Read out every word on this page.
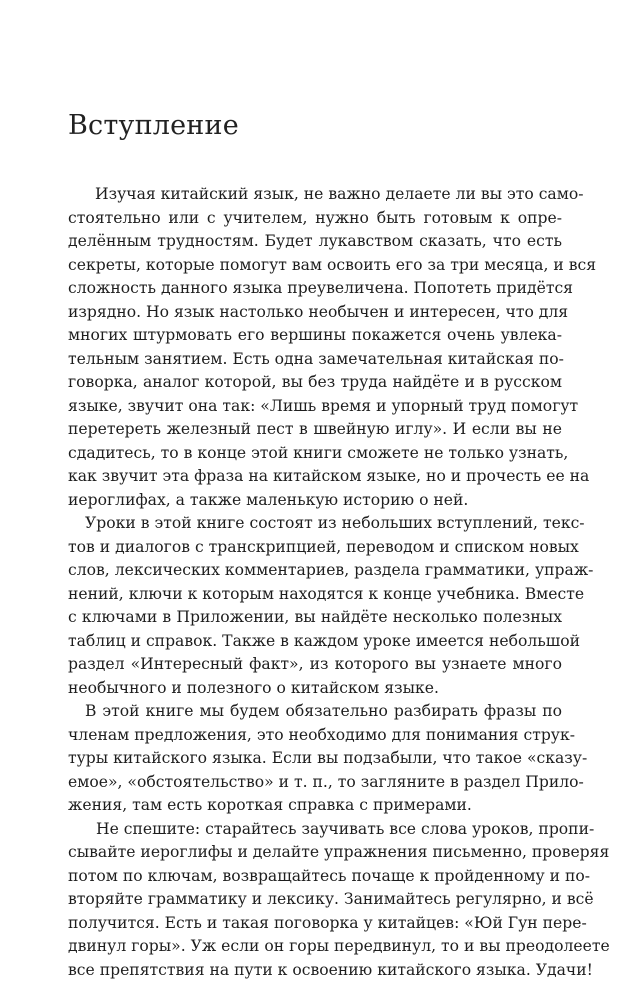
Вступление
Изучая китайский язык, не важно делаете ли вы это само-
стоятельно или с учителем, нужно быть готовым к опре-
делённым трудностям. Будет лукавством сказать, что есть
секреты, которые помогут вам освоить его за три месяца, и вся
сложность данного языка преувеличена. Попотеть придётся
изрядно. Но язык настолько необычен и интересен, что для
многих штурмовать его вершины покажется очень увлека-
тельным занятием. Есть одна замечательная китайская по-
говорка, аналог которой, вы без труда найдёте и в русском
языке, звучит она так: «Лишь время и упорный труд помогут
перетереть железный пест в швейную иглу». И если вы не
сдадитесь, то в конце этой книги сможете не только узнать,
как звучит эта фраза на китайском языке, но и прочесть ее на
иероглифах, а также маленькую историю о ней.
Уроки в этой книге состоят из небольших вступлений, текс-
тов и диалогов с транскрипцией, переводом и списком новых
слов, лексических комментариев, раздела грамматики, упраж-
нений, ключи к которым находятся к конце учебника. Вместе
с ключами в Приложении, вы найдёте несколько полезных
таблиц и справок. Также в каждом уроке имеется небольшой
раздел «Интересный факт», из которого вы узнаете много
необычного и полезного о китайском языке.
В этой книге мы будем обязательно разбирать фразы по
членам предложения, это необходимо для понимания струк-
туры китайского языка. Если вы подзабыли, что такое «сказу-
емое», «обстоятельство» и т. п., то загляните в раздел Прило-
жения, там есть короткая справка с примерами.
Не спешите: старайтесь заучивать все слова уроков, пропи-
сывайте иероглифы и делайте упражнения письменно, проверяя
потом по ключам, возвращайтесь почаще к пройденному и по-
вторяйте грамматику и лексику. Занимайтесь регулярно, и всё
получится. Есть и такая поговорка у китайцев: «Юй Гун пере-
двинул горы». Уж если он горы передвинул, то и вы преодолеете
все препятствия на пути к освоению китайского языка. Удачи!
